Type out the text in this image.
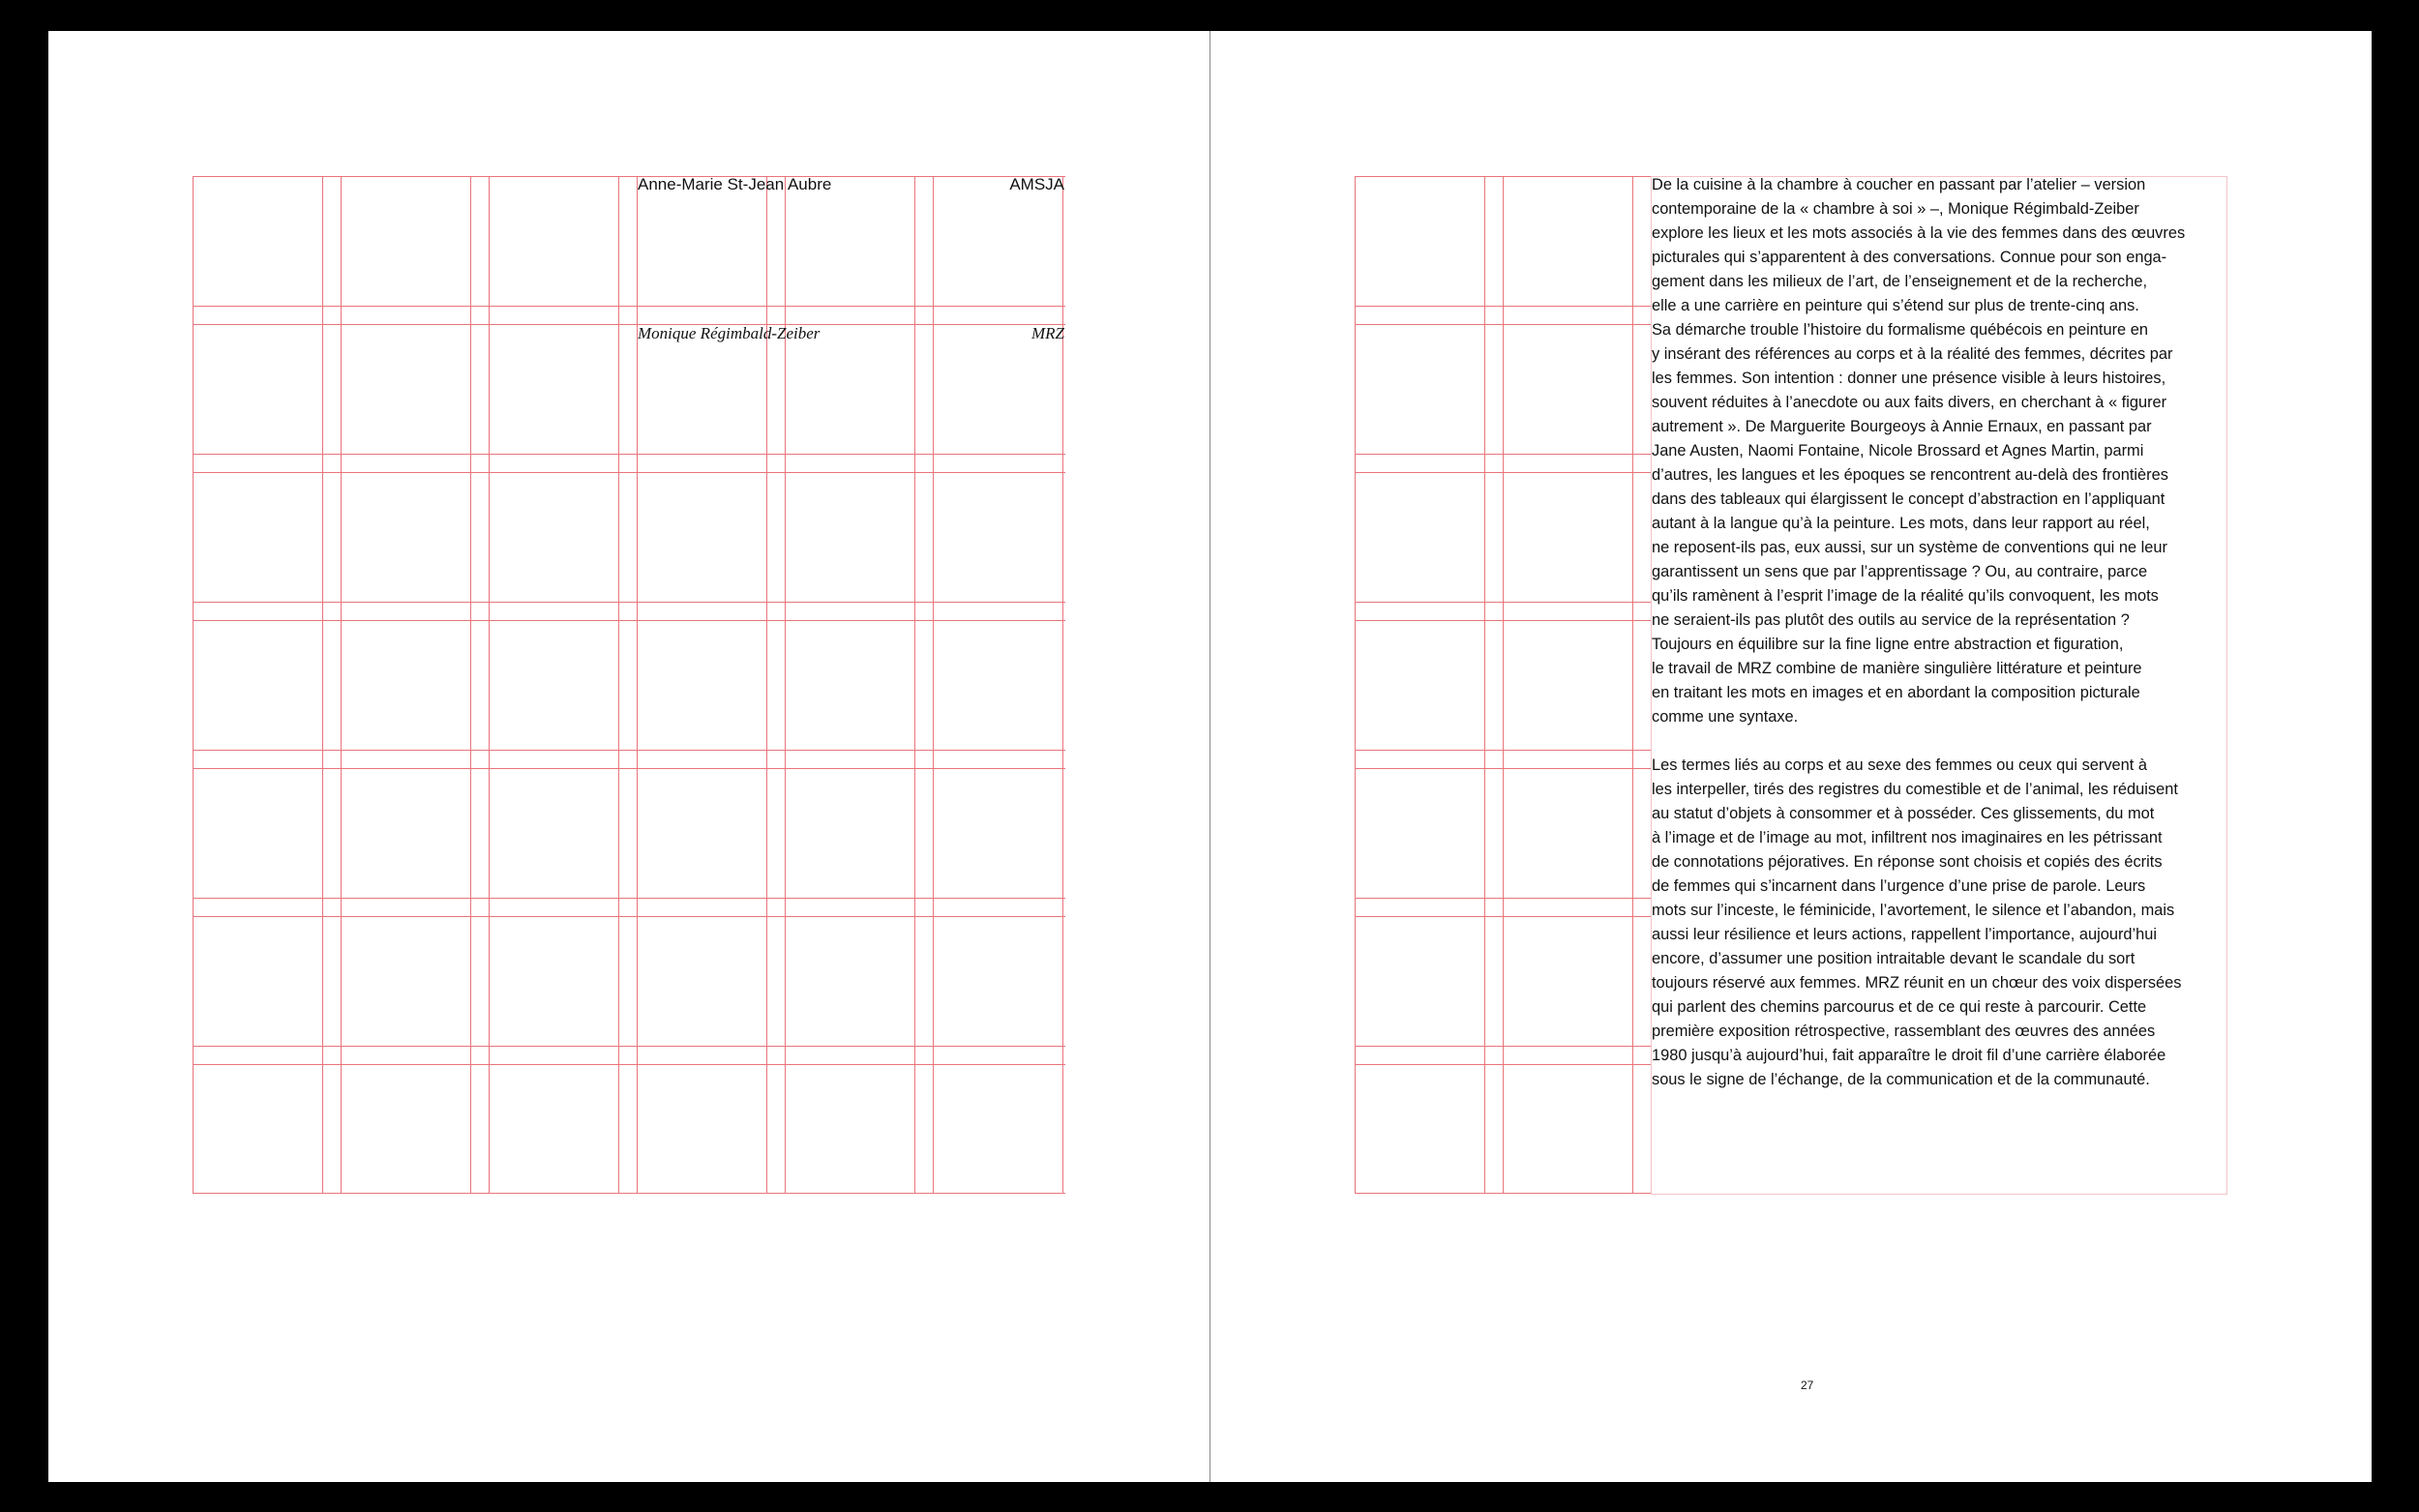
Anne-Marie St-Jean Aubre	AMSJA
Monique Régimbald-Zeiber	MRZ
De la cuisine à la chambre à coucher en passant par l’atelier – version
contemporaine de la « chambre à soi » –, Monique Régimbald-Zeiber
explore les lieux et les mots associés à la vie des femmes dans des œuvres
picturales qui s’apparentent à des conversations. Connue pour son enga-
gement dans les milieux de l’art, de l’enseignement et de la recherche,
elle a une carrière en peinture qui s’étend sur plus de trente-cinq ans.
Sa démarche trouble l’histoire du formalisme québécois en peinture en
y insérant des références au corps et à la réalité des femmes, décrites par
les femmes. Son intention : donner une présence visible à leurs histoires,
souvent réduites à l’anecdote ou aux faits divers, en cherchant à « figurer
autrement ». De Marguerite Bourgeoys à Annie Ernaux, en passant par
Jane Austen, Naomi Fontaine, Nicole Brossard et Agnes Martin, parmi
d’autres, les langues et les époques se rencontrent au-delà des frontières
dans des tableaux qui élargissent le concept d’abstraction en l’appliquant
autant à la langue qu’à la peinture. Les mots, dans leur rapport au réel,
ne reposent-ils pas, eux aussi, sur un système de conventions qui ne leur
garantissent un sens que par l’apprentissage ? Ou, au contraire, parce
qu’ils ramènent à l’esprit l’image de la réalité qu’ils convoquent, les mots
ne seraient-ils pas plutôt des outils au service de la représentation ?
Toujours en équilibre sur la fine ligne entre abstraction et figuration,
le travail de MRZ combine de manière singulière littérature et peinture
en traitant les mots en images et en abordant la composition picturale
comme une syntaxe.
Les termes liés au corps et au sexe des femmes ou ceux qui servent à
les interpeller, tirés des registres du comestible et de l’animal, les réduisent
au statut d’objets à consommer et à posséder. Ces glissements, du mot
à l’image et de l’image au mot, infiltrent nos imaginaires en les pétrissant
de connotations péjoratives. En réponse sont choisis et copiés des écrits
de femmes qui s’incarnent dans l’urgence d’une prise de parole. Leurs
mots sur l’inceste, le féminicide, l’avortement, le silence et l’abandon, mais
aussi leur résilience et leurs actions, rappellent l’importance, aujourd’hui
encore, d’assumer une position intraitable devant le scandale du sort
toujours réservé aux femmes. MRZ réunit en un chœur des voix dispersées
qui parlent des chemins parcourus et de ce qui reste à parcourir. Cette
première exposition rétrospective, rassemblant des œuvres des années
1980 jusqu’à aujourd’hui, fait apparaître le droit fil d’une carrière élaborée
sous le signe de l’échange, de la communication et de la communauté.
27
